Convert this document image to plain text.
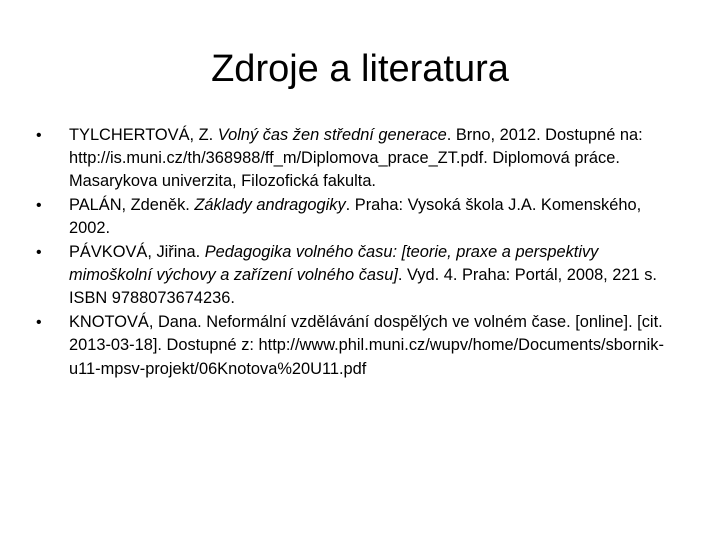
Zdroje a literatura
•
TYLCHERTOVÁ, Z. Volný čas žen střední generace. Brno, 2012. Dostupné na: http://is.muni.cz/th/368988/ff_m/Diplomova_prace_ZT.pdf. Diplomová práce. Masarykova univerzita, Filozofická fakulta.
•
PALÁN, Zdeněk. Základy andragogiky. Praha: Vysoká škola J.A. Komenského, 2002.
•
PÁVKOVÁ, Jiřina. Pedagogika volného času: [teorie, praxe a perspektivy mimoškolní výchovy a zařízení volného času]. Vyd. 4. Praha: Portál, 2008, 221 s. ISBN 9788073674236.
•
KNOTOVÁ, Dana. Neformální vzdělávání dospělých ve volném čase. [online]. [cit. 2013-03-18]. Dostupné z: http://www.phil.muni.cz/wupv/home/Documents/sbornik-u11-mpsv-projekt/06Knotova%20U11.pdf
